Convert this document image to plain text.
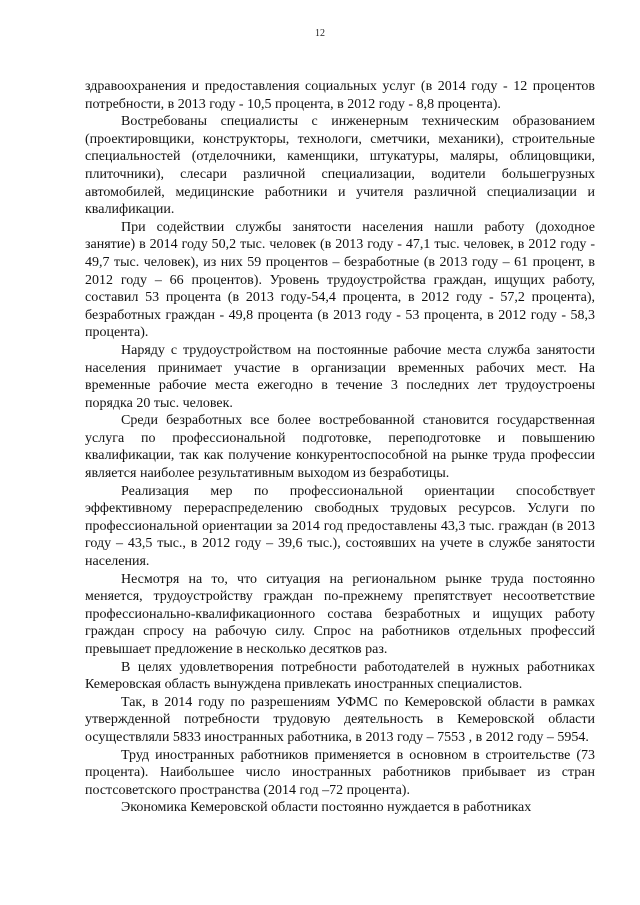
12

здравоохранения и предоставления социальных услуг (в 2014 году - 12 процентов потребности, в 2013 году - 10,5 процента, в 2012 году - 8,8 процента).

Востребованы специалисты с инженерным техническим образованием (проектировщики, конструкторы, технологи, сметчики, механики), строительные специальностей (отделочники, каменщики, штукатуры, маляры, облицовщики, плиточники), слесари различной специализации, водители большегрузных автомобилей, медицинские работники и учителя различной специализации и квалификации.

При содействии службы занятости населения нашли работу (доходное занятие) в 2014 году 50,2 тыс. человек (в 2013 году - 47,1 тыс. человек, в 2012 году - 49,7 тыс. человек), из них 59 процентов – безработные (в 2013 году – 61 процент, в 2012 году – 66 процентов). Уровень трудоустройства граждан, ищущих работу, составил 53 процента (в 2013 году-54,4 процента, в 2012 году - 57,2 процента), безработных граждан - 49,8 процента (в 2013 году - 53 процента, в 2012 году - 58,3 процента).

Наряду с трудоустройством на постоянные рабочие места служба занятости населения принимает участие в организации временных рабочих мест. На временные рабочие места ежегодно в течение 3 последних лет трудоустроены порядка 20 тыс. человек.

Среди безработных все более востребованной становится государственная услуга по профессиональной подготовке, переподготовке и повышению квалификации, так как получение конкурентоспособной на рынке труда профессии является наиболее результативным выходом из безработицы.

Реализация мер по профессиональной ориентации способствует эффективному перераспределению свободных трудовых ресурсов. Услуги по профессиональной ориентации за 2014 год предоставлены 43,3 тыс. граждан (в 2013 году – 43,5 тыс., в 2012 году – 39,6 тыс.), состоявших на учете в службе занятости населения.

Несмотря на то, что ситуация на региональном рынке труда постоянно меняется, трудоустройству граждан по-прежнему препятствует несоответствие профессионально-квалификационного состава безработных и ищущих работу граждан спросу на рабочую силу. Спрос на работников отдельных профессий превышает предложение в несколько десятков раз.

В целях удовлетворения потребности работодателей в нужных работниках Кемеровская область вынуждена привлекать иностранных специалистов.

Так, в 2014 году по разрешениям УФМС по Кемеровской области в рамках утвержденной потребности трудовую деятельность в Кемеровской области осуществляли 5833 иностранных работника, в 2013 году – 7553 , в 2012 году – 5954.

Труд иностранных работников применяется в основном в строительстве (73 процента). Наибольшее число иностранных работников прибывает из стран постсоветского пространства (2014 год –72 процента).

Экономика Кемеровской области постоянно нуждается в работниках
